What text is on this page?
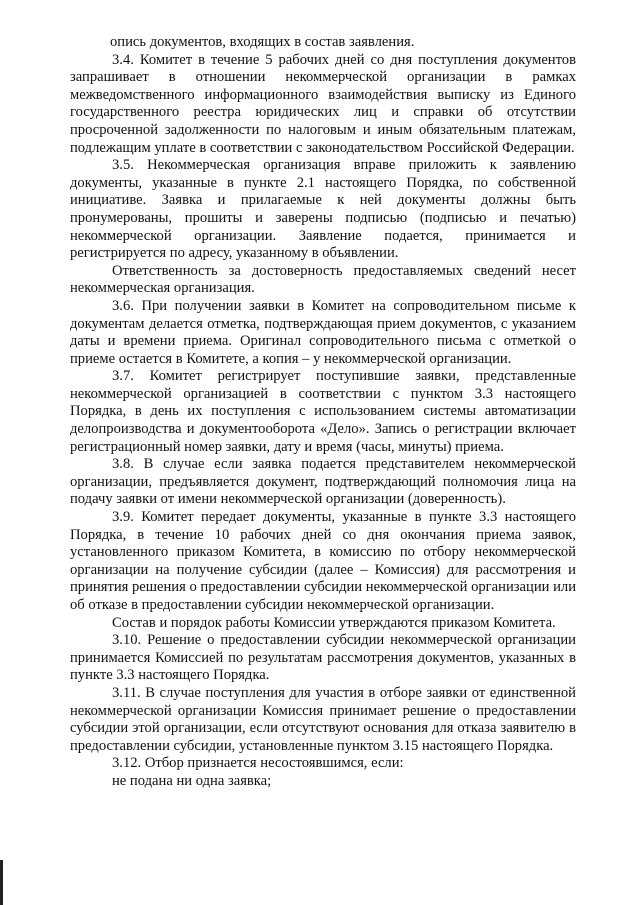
опись документов, входящих в состав заявления.

3.4. Комитет в течение 5 рабочих дней со дня поступления документов запрашивает в отношении некоммерческой организации в рамках межведомственного информационного взаимодействия выписку из Единого государственного реестра юридических лиц и справки об отсутствии просроченной задолженности по налоговым и иным обязательным платежам, подлежащим уплате в соответствии с законодательством Российской Федерации.

3.5. Некоммерческая организация вправе приложить к заявлению документы, указанные в пункте 2.1 настоящего Порядка, по собственной инициативе. Заявка и прилагаемые к ней документы должны быть пронумерованы, прошиты и заверены подписью (подписью и печатью) некоммерческой организации. Заявление подается, принимается и регистрируется по адресу, указанному в объявлении.

Ответственность за достоверность предоставляемых сведений несет некоммерческая организация.

3.6. При получении заявки в Комитет на сопроводительном письме к документам делается отметка, подтверждающая прием документов, с указанием даты и времени приема. Оригинал сопроводительного письма с отметкой о приеме остается в Комитете, а копия – у некоммерческой организации.

3.7. Комитет регистрирует поступившие заявки, представленные некоммерческой организацией в соответствии с пунктом 3.3 настоящего Порядка, в день их поступления с использованием системы автоматизации делопроизводства и документооборота «Дело». Запись о регистрации включает регистрационный номер заявки, дату и время (часы, минуты) приема.

3.8. В случае если заявка подается представителем некоммерческой организации, предъявляется документ, подтверждающий полномочия лица на подачу заявки от имени некоммерческой организации (доверенность).

3.9. Комитет передает документы, указанные в пункте 3.3 настоящего Порядка, в течение 10 рабочих дней со дня окончания приема заявок, установленного приказом Комитета, в комиссию по отбору некоммерческой организации на получение субсидии (далее – Комиссия) для рассмотрения и принятия решения о предоставлении субсидии некоммерческой организации или об отказе в предоставлении субсидии некоммерческой организации.

Состав и порядок работы Комиссии утверждаются приказом Комитета.

3.10. Решение о предоставлении субсидии некоммерческой организации принимается Комиссией по результатам рассмотрения документов, указанных в пункте 3.3 настоящего Порядка.

3.11. В случае поступления для участия в отборе заявки от единственной некоммерческой организации Комиссия принимает решение о предоставлении субсидии этой организации, если отсутствуют основания для отказа заявителю в предоставлении субсидии, установленные пунктом 3.15 настоящего Порядка.

3.12. Отбор признается несостоявшимся, если:

не подана ни одна заявка;
